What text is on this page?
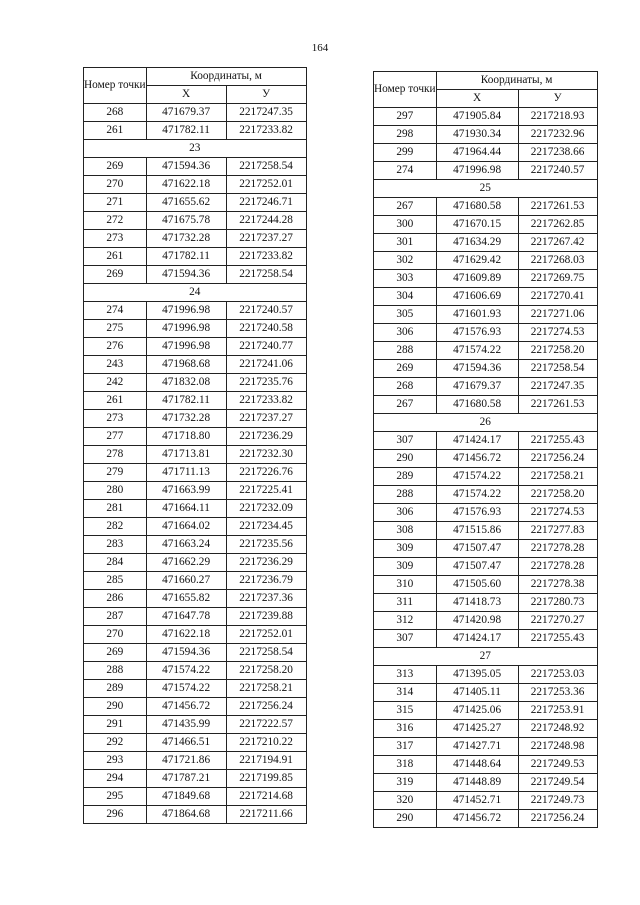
164
Номер точки	Координаты, м	
	X	У
268	471679.37	2217247.35
261	471782.11	2217233.82
23		
269	471594.36	2217258.54
270	471622.18	2217252.01
271	471655.62	2217246.71
272	471675.78	2217244.28
273	471732.28	2217237.27
261	471782.11	2217233.82
269	471594.36	2217258.54
24		
274	471996.98	2217240.57
275	471996.98	2217240.58
276	471996.98	2217240.77
243	471968.68	2217241.06
242	471832.08	2217235.76
261	471782.11	2217233.82
273	471732.28	2217237.27
277	471718.80	2217236.29
278	471713.81	2217232.30
279	471711.13	2217226.76
280	471663.99	2217225.41
281	471664.11	2217232.09
282	471664.02	2217234.45
283	471663.24	2217235.56
284	471662.29	2217236.29
285	471660.27	2217236.79
286	471655.82	2217237.36
287	471647.78	2217239.88
270	471622.18	2217252.01
269	471594.36	2217258.54
288	471574.22	2217258.20
289	471574.22	2217258.21
290	471456.72	2217256.24
291	471435.99	2217222.57
292	471466.51	2217210.22
293	471721.86	2217194.91
294	471787.21	2217199.85
295	471849.68	2217214.68
296	471864.68	2217211.66
Номер точки	Координаты, м	
	X	У
297	471905.84	2217218.93
298	471930.34	2217232.96
299	471964.44	2217238.66
274	471996.98	2217240.57
25		
267	471680.58	2217261.53
300	471670.15	2217262.85
301	471634.29	2217267.42
302	471629.42	2217268.03
303	471609.89	2217269.75
304	471606.69	2217270.41
305	471601.93	2217271.06
306	471576.93	2217274.53
288	471574.22	2217258.20
269	471594.36	2217258.54
268	471679.37	2217247.35
267	471680.58	2217261.53
26		
307	471424.17	2217255.43
290	471456.72	2217256.24
289	471574.22	2217258.21
288	471574.22	2217258.20
306	471576.93	2217274.53
308	471515.86	2217277.83
309	471507.47	2217278.28
309	471507.47	2217278.28
310	471505.60	2217278.38
311	471418.73	2217280.73
312	471420.98	2217270.27
307	471424.17	2217255.43
27		
313	471395.05	2217253.03
314	471405.11	2217253.36
315	471425.06	2217253.91
316	471425.27	2217248.92
317	471427.71	2217248.98
318	471448.64	2217249.53
319	471448.89	2217249.54
320	471452.71	2217249.73
290	471456.72	2217256.24
